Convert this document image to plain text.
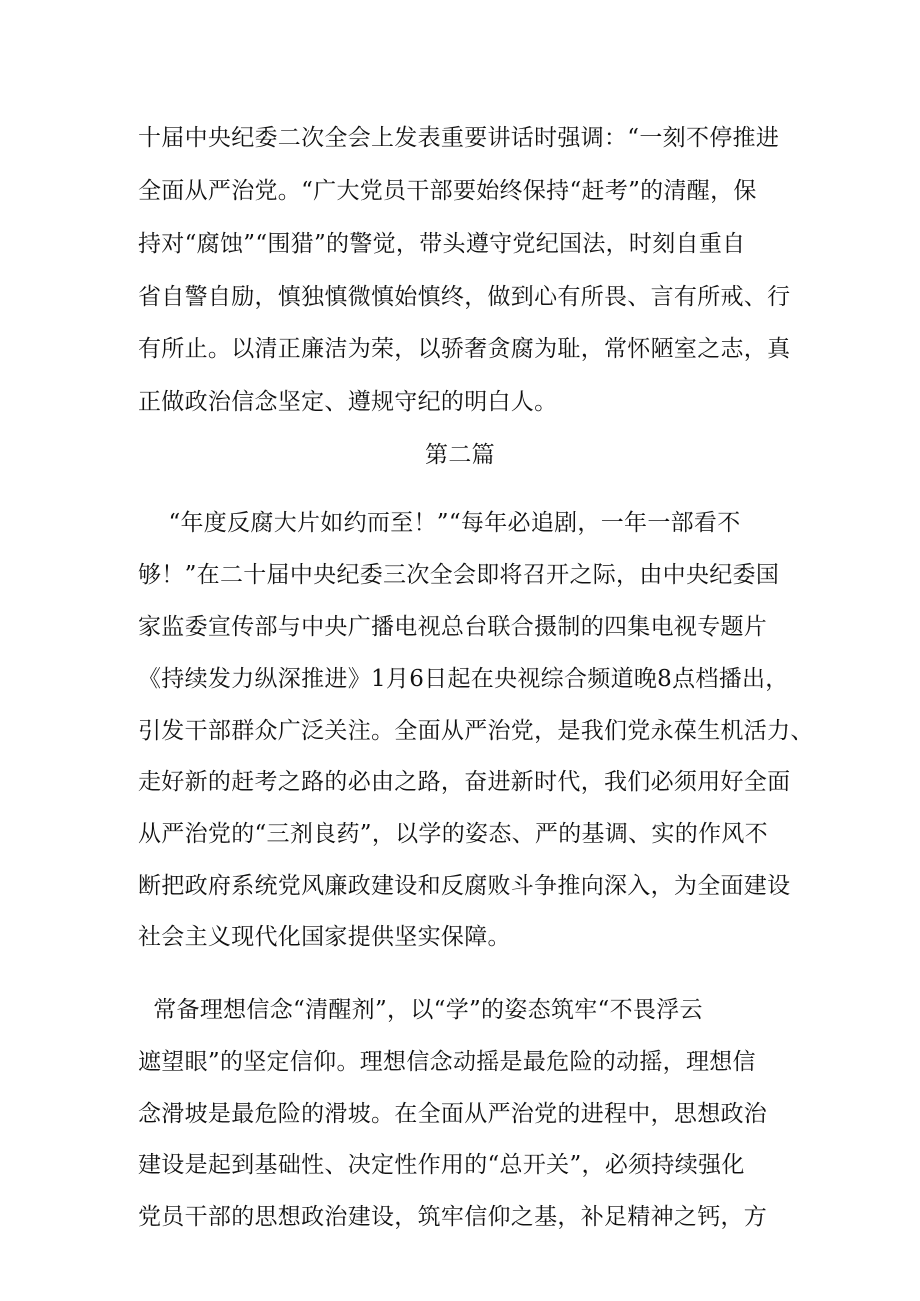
十届中央纪委二次全会上发表重要讲话时强调：“一刻不停推进
全面从严治党。“广大党员干部要始终保持“赶考”的清醒，保
持对“腐蚀”“围猎”的警觉，带头遵守党纪国法，时刻自重自
省自警自励，慎独慎微慎始慎终，做到心有所畏、言有所戒、行
有所止。以清正廉洁为荣，以骄奢贪腐为耻，常怀陋室之志，真
正做政治信念坚定、遵规守纪的明白人。
第二篇
“年度反腐大片如约而至！”“每年必追剧，一年一部看不
够！”在二十届中央纪委三次全会即将召开之际，由中央纪委国
家监委宣传部与中央广播电视总台联合摄制的四集电视专题片
《持续发力纵深推进》1月6日起在央视综合频道晚8点档播出，
引发干部群众广泛关注。全面从严治党，是我们党永葆生机活力、
走好新的赶考之路的必由之路，奋进新时代，我们必须用好全面
从严治党的“三剂良药”，以学的姿态、严的基调、实的作风不
断把政府系统党风廉政建设和反腐败斗争推向深入，为全面建设
社会主义现代化国家提供坚实保障。
常备理想信念“清醒剂”，以“学”的姿态筑牢“不畏浮云
遮望眼”的坚定信仰。理想信念动摇是最危险的动摇，理想信
念滑坡是最危险的滑坡。在全面从严治党的进程中，思想政治
建设是起到基础性、决定性作用的“总开关”，必须持续强化
党员干部的思想政治建设，筑牢信仰之基，补足精神之钙，方
